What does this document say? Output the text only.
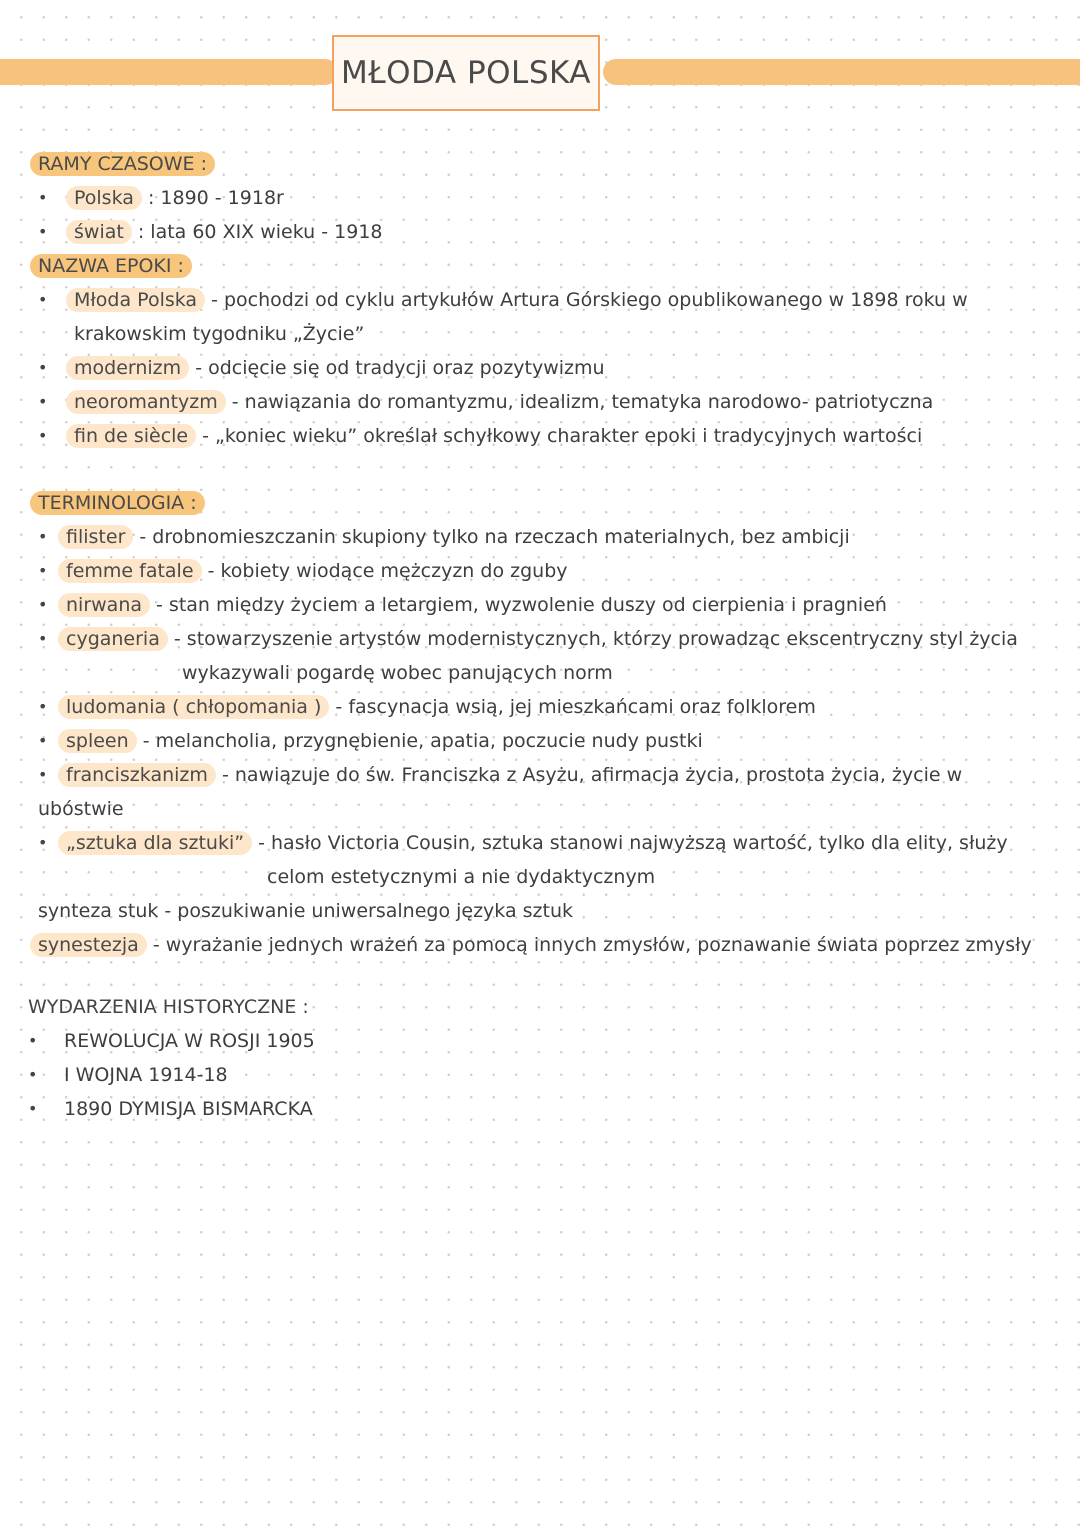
MŁODA POLSKA
RAMY CZASOWE :
•	Polska : 1890 - 1918r
•	świat : lata 60 XIX wieku - 1918
NAZWA EPOKI :
•	Młoda Polska - pochodzi od cyklu artykułów Artura Górskiego opublikowanego w 1898 roku w
krakowskim tygodniku „Życie”
•	modernizm - odcięcie się od tradycji oraz pozytywizmu
•	neoromantyzm - nawiązania do romantyzmu, idealizm, tematyka narodowo- patriotyczna
•	fin de siècle - „koniec wieku” określał schyłkowy charakter epoki i tradycyjnych wartości
TERMINOLOGIA :
• filister - drobnomieszczanin skupiony tylko na rzeczach materialnych, bez ambicji
• femme fatale - kobiety wiodące mężczyzn do zguby
• nirwana - stan między życiem a letargiem, wyzwolenie duszy od cierpienia i pragnień
• cyganeria - stowarzyszenie artystów modernistycznych, którzy prowadząc ekscentryczny styl życia
wykazywali pogardę wobec panujących norm
• ludomania ( chłopomania ) - fascynacja wsią, jej mieszkańcami oraz folklorem
• spleen - melancholia, przygnębienie, apatia, poczucie nudy pustki
• franciszkanizm - nawiązuje do św. Franciszka z Asyżu, afirmacja życia, prostota życia, życie w
ubóstwie
• „sztuka dla sztuki” - hasło Victoria Cousin, sztuka stanowi najwyższą wartość, tylko dla elity, służy
celom estetycznymi a nie dydaktycznym
synteza stuk - poszukiwanie uniwersalnego języka sztuk
synestezja - wyrażanie jednych wrażeń za pomocą innych zmysłów, poznawanie świata poprzez zmysły
WYDARZENIA HISTORYCZNE :
• REWOLUCJA W ROSJI 1905
• I WOJNA 1914-18
• 1890 DYMISJA BISMARCKA
